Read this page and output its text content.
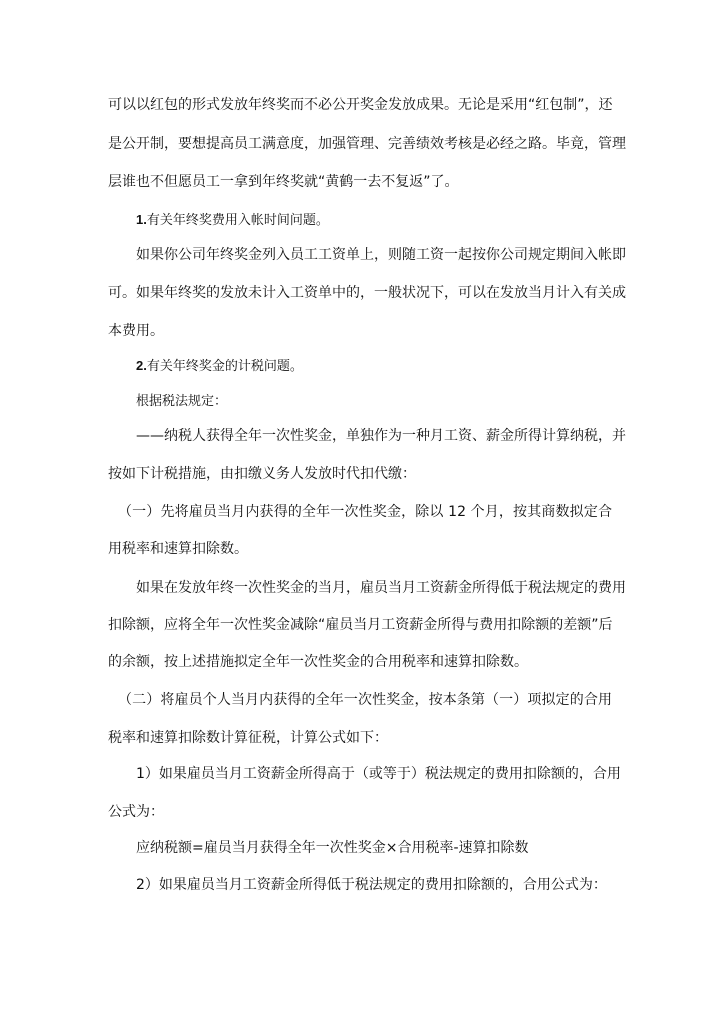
可以以红包的形式发放年终奖而不必公开奖金发放成果。无论是采用“红包制”，还
是公开制，要想提高员工满意度，加强管理、完善绩效考核是必经之路。毕竟，管理
层谁也不但愿员工一拿到年终奖就“黄鹤一去不复返”了。
1.有关年终奖费用入帐时间问题。
如果你公司年终奖金列入员工工资单上，则随工资一起按你公司规定期间入帐即
可。如果年终奖的发放未计入工资单中的，一般状况下，可以在发放当月计入有关成
本费用。
2.有关年终奖金的计税问题。
根据税法规定：
——纳税人获得全年一次性奖金，单独作为一种月工资、薪金所得计算纳税，并
按如下计税措施，由扣缴义务人发放时代扣代缴：
（一）先将雇员当月内获得的全年一次性奖金，除以 12 个月，按其商数拟定合
用税率和速算扣除数。
如果在发放年终一次性奖金的当月，雇员当月工资薪金所得低于税法规定的费用
扣除额，应将全年一次性奖金减除“雇员当月工资薪金所得与费用扣除额的差额”后
的余额，按上述措施拟定全年一次性奖金的合用税率和速算扣除数。
（二）将雇员个人当月内获得的全年一次性奖金，按本条第（一）项拟定的合用
税率和速算扣除数计算征税，计算公式如下：
1）如果雇员当月工资薪金所得高于（或等于）税法规定的费用扣除额的，合用
公式为：
应纳税额=雇员当月获得全年一次性奖金×合用税率-速算扣除数
2）如果雇员当月工资薪金所得低于税法规定的费用扣除额的，合用公式为：
